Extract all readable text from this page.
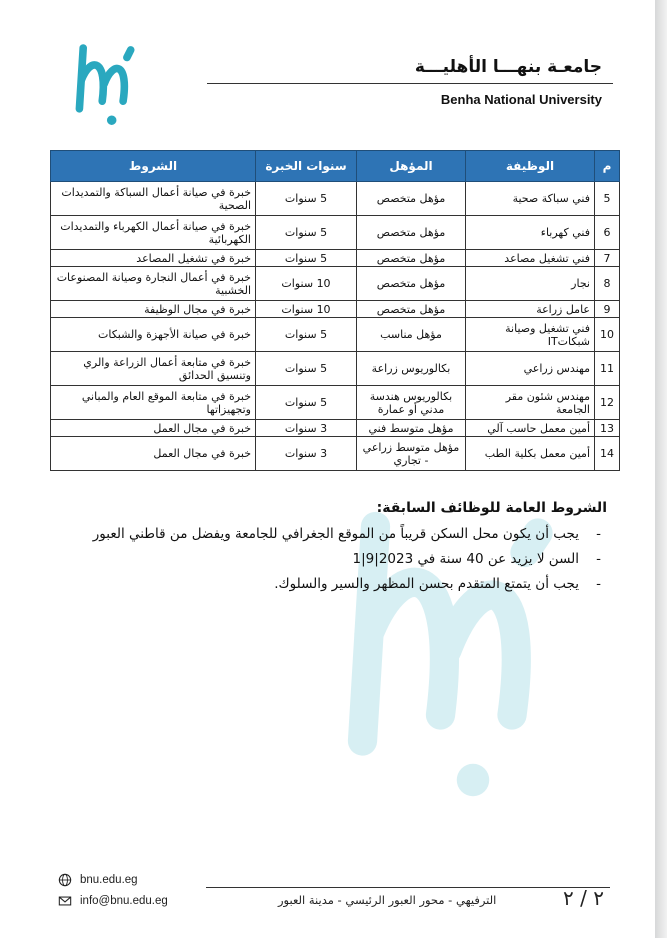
جامعـة بنهـــا الأهليـــة
Benha National University
م	الوظيفة	المؤهل	سنوات الخبرة	الشروط
5	فني سباكة صحية	مؤهل متخصص	5 سنوات	خبرة في صيانة أعمال السباكة والتمديدات الصحية
6	فني كهرباء	مؤهل متخصص	5 سنوات	خبرة في صيانة أعمال الكهرباء والتمديدات الكهربائية
7	فني تشغيل مصاعد	مؤهل متخصص	5 سنوات	خبرة في تشغيل المصاعد
8	نجار	مؤهل متخصص	10 سنوات	خبرة في أعمال النجارة وصيانة المصنوعات الخشبية
9	عامل زراعة	مؤهل متخصص	10 سنوات	خبرة في مجال الوظيفة
10	فني تشغيل وصيانة شبكاتIT	مؤهل مناسب	5 سنوات	خبرة في صيانة الأجهزة والشبكات
11	مهندس زراعي	بكالوريوس زراعة	5 سنوات	خبرة في متابعة أعمال الزراعة والري وتنسيق الحدائق
12	مهندس شئون مقر الجامعة	بكالوريوس هندسة مدني أو عمارة	5 سنوات	خبرة في متابعة الموقع العام والمباني وتجهيزاتها
13	أمين معمل حاسب آلي	مؤهل متوسط فني	3 سنوات	خبرة في مجال العمل
14	أمين معمل بكلية الطب	مؤهل متوسط زراعي - تجاري	3 سنوات	خبرة في مجال العمل
الشروط العامة للوظائف السابقة:
- يجب أن يكون محل السكن قريباً من الموقع الجغرافي للجامعة ويفضل من قاطني العبور
- السن لا يزيد عن 40 سنة في 2023|9|1
- يجب أن يتمتع المتقدم بحسن المظهر والسير والسلوك.
bnu.edu.eg
info@bnu.edu.eg	الترفيهي - محور العبور الرئيسي - مدينة العبور	٢ / ٢
